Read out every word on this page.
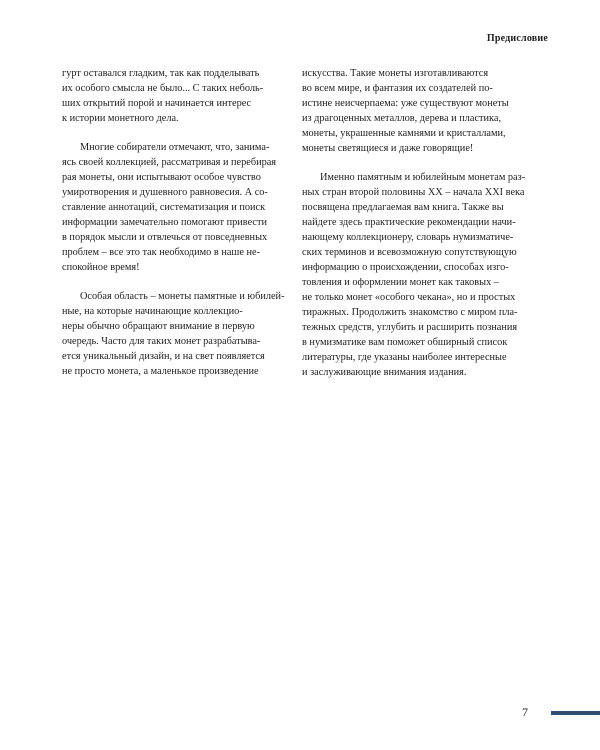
Предисловие

гурт оставался гладким, так как подделывать
их особого смысла не было... С таких неболь-
ших открытий порой и начинается интерес
к истории монетного дела.

Многие собиратели отмечают, что, занима-
ясь своей коллекцией, рассматривая и перебирая
рая монеты, они испытывают особое чувство
умиротворения и душевного равновесия. А со-
ставление аннотаций, систематизация и поиск
информации замечательно помогают привести
в порядок мысли и отвлечься от повседневных
проблем – все это так необходимо в наше не-
спокойное время!

Особая область – монеты памятные и юбилей-
ные, на которые начинающие коллекцио-
неры обычно обращают внимание в первую
очередь. Часто для таких монет разрабатыва-
ется уникальный дизайн, и на свет появляется
не просто монета, а маленькое произведение

искусства. Такие монеты изготавливаются
во всем мире, и фантазия их создателей по-
истине неисчерпаема: уже существуют монеты
из драгоценных металлов, дерева и пластика,
монеты, украшенные камнями и кристаллами,
монеты светящиеся и даже говорящие!

Именно памятным и юбилейным монетам раз-
ных стран второй половины XX – начала XXI века
посвящена предлагаемая вам книга. Также вы
найдете здесь практические рекомендации начи-
нающему коллекционеру, словарь нумизматиче-
ских терминов и всевозможную сопутствующую
информацию о происхождении, способах изго-
товления и оформлении монет как таковых –
не только монет «особого чекана», но и простых
тиражных. Продолжить знакомство с миром пла-
тежных средств, углубить и расширить познания
в нумизматике вам поможет обширный список
литературы, где указаны наиболее интересные
и заслуживающие внимания издания.

7
